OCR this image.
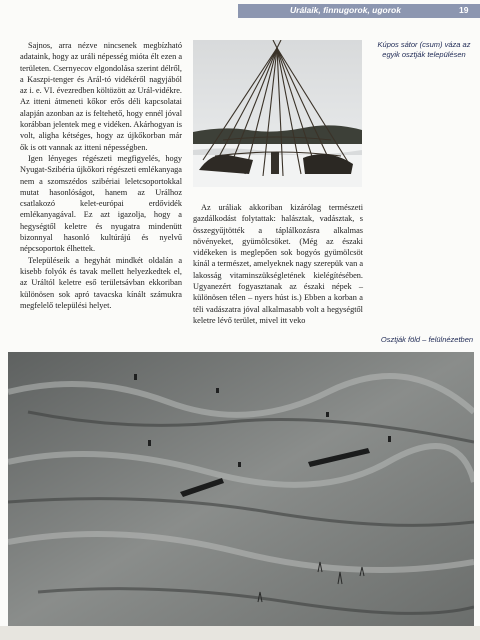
Urálaik, finnugorok, ugorok	19

Sajnos, arra nézve nincsenek megbízható adataink, hogy az uráli népesség mióta élt ezen a területen. Csernyecov elgondolása szerint délről, a Kaszpi-tenger és Arál-tó vidékéről nagyjából az i. e. VI. évezredben költözött az Urál-vidékre. Az itteni átmeneti kőkor erős déli kapcsolatai alapján azonban az is feltehető, hogy ennél jóval korábban jelentek meg e vidéken. Akárhogyan is volt, aligha kétséges, hogy az újkőkorban már ők is ott vannak az itteni népességben.

Igen lényeges régészeti megfigyelés, hogy Nyugat-Szibéria újkőkori régészeti emlékanyaga nem a szomszédos szibériai leletcsoportokkal mutat hasonlóságot, hanem az Urálhoz csatlakozó kelet-európai erdővidék emlékanyagával. Ez azt igazolja, hogy a hegységtől keletre és nyugatra mindenütt bizonnyal hasonló kultúrájú és nyelvű népcsoportok élhettek.

Településeik a hegyhát mindkét oldalán a kisebb folyók és tavak mellett helyezkedtek el, az Uráltól keletre eső területsávban ekkoriban különösen sok apró tavacska kínált számukra megfelelő települési helyet.

Kúpos sátor (csum) váza az egyik osztják településen

Az uráliak akkoriban kizárólag természeti gazdálkodást folytattak: halásztak, vadásztak, s összegyűjtötték a táplálkozásra alkalmas növényeket, gyümölcsöket. (Még az északi vidékeken is meglepően sok bogyós gyümölcsöt kínál a természet, amelyeknek nagy szerepük van a lakosság vitaminszükségletének kielégítésében. Ugyanezért fogyasztanak az északi népek – különösen télen – nyers húst is.) Ebben a korban a téli vadászatra jóval alkalmasabb volt a hegységtől keletre lévő terület, mivel itt veko

Osztják föld – felülnézetben
